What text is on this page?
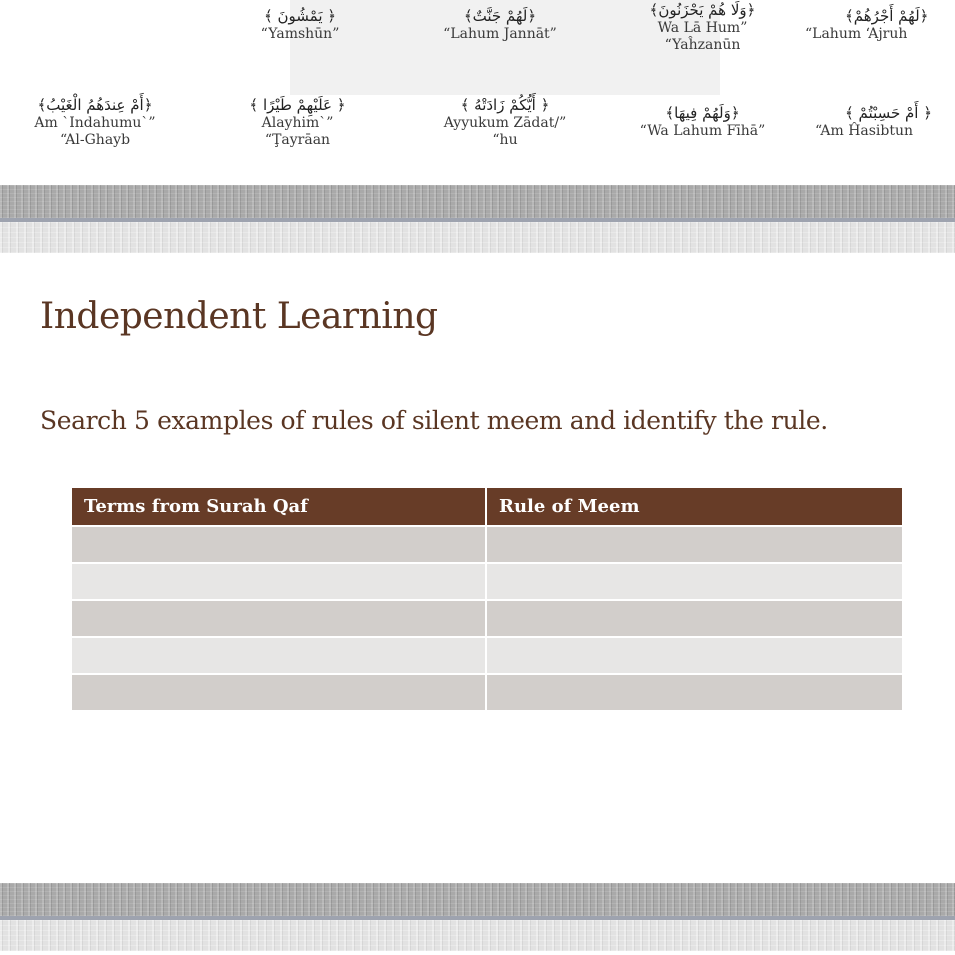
﴿ يَمْشُونَ ﴾
“Yamshūn”
﴿لَهُمْ جَنَّتٌ﴾
“Lahum Jannāt”
﴿وَلَا هُمْ يَحْزَنُونَ﴾
Wa Lā Hum”
“Yaĥzanūn
﴿لَهُمْ أَجْرُهُمْ﴾
“Lahum ‘Ajruh
﴿أَمْ عِندَهُمُ الْغَيْبُ﴾
Am `Indahumu`”
“Al-Ghayb
﴿ عَلَيْهِمْ طَيْرًا ﴾
Alayhim`”
“Ţayrāan
﴿ أَيُّكُمْ زَادَتْهُ ﴾
Ayyukum Zādat/”
“hu
﴿وَلَهُمْ فِيهَا﴾
“Wa Lahum Fīhā”
﴿ أَمْ حَسِبْتُمْ ﴾
“Am Ĥasibtun
Independent Learning

Search 5 examples of rules of silent meem and identify the rule.

Terms from Surah Qaf	Rule of Meem
